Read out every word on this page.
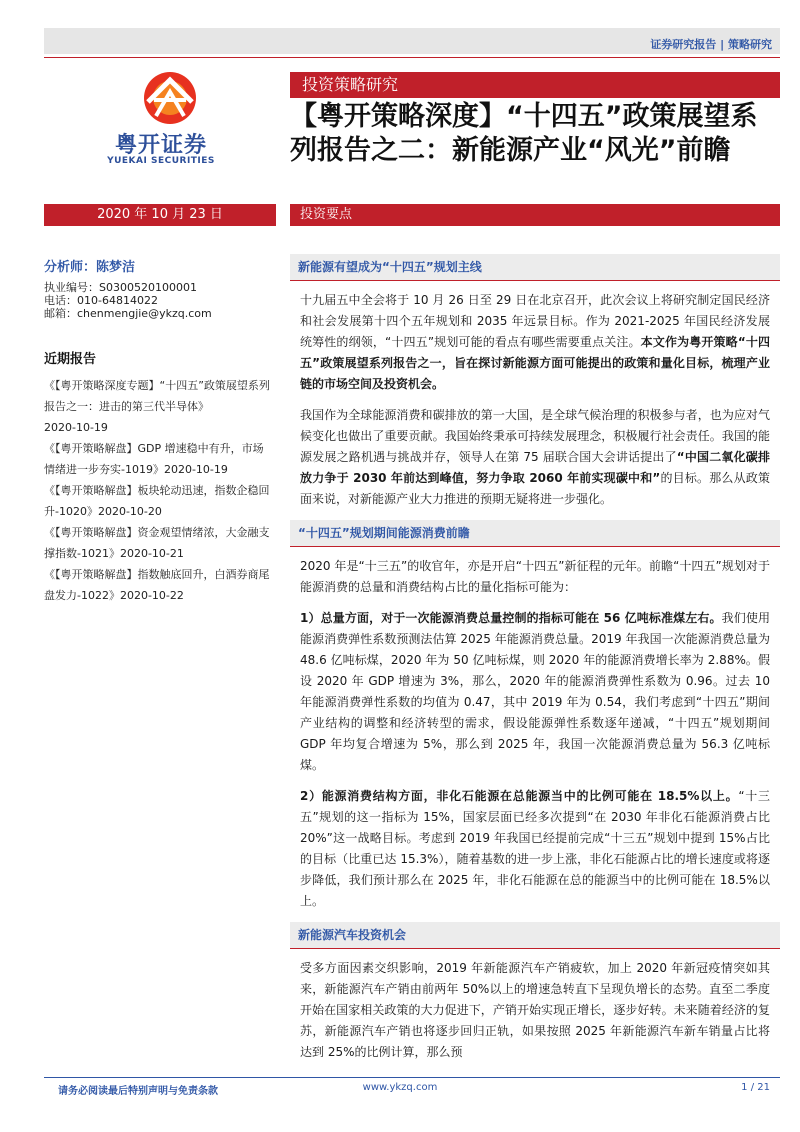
证券研究报告 | 策略研究
粤开证券
YUEKAI SECURITIES
投资策略研究
【粤开策略深度】“十四五”政策展望系列报告之二：新能源产业“风光”前瞻
2020 年 10 月 23 日	投资要点
分析师：陈梦洁
执业编号：S0300520100001
电话：010-64814022
邮箱：chenmengjie@ykzq.com
近期报告
《【粤开策略深度专题】“十四五”政策展望系列报告之一：进击的第三代半导体》
2020-10-19
《【粤开策略解盘】GDP 增速稳中有升，市场情绪进一步夯实-1019》2020-10-19
《【粤开策略解盘】板块轮动迅速，指数企稳回升-1020》2020-10-20
《【粤开策略解盘】资金观望情绪浓，大金融支撑指数-1021》2020-10-21
《【粤开策略解盘】指数触底回升，白酒券商尾盘发力-1022》2020-10-22
新能源有望成为“十四五”规划主线
十九届五中全会将于 10 月 26 日至 29 日在北京召开，此次会议上将研究制定国民经济和社会发展第十四个五年规划和 2035 年远景目标。作为 2021-2025 年国民经济发展统筹性的纲领，“十四五”规划可能的看点有哪些需要重点关注。本文作为粤开策略“十四五”政策展望系列报告之一，旨在探讨新能源方面可能提出的政策和量化目标，梳理产业链的市场空间及投资机会。
我国作为全球能源消费和碳排放的第一大国，是全球气候治理的积极参与者，也为应对气候变化也做出了重要贡献。我国始终秉承可持续发展理念，积极履行社会责任。我国的能源发展之路机遇与挑战并存，领导人在第 75 届联合国大会讲话提出了“中国二氧化碳排放力争于 2030 年前达到峰值，努力争取 2060 年前实现碳中和”的目标。那么从政策面来说，对新能源产业大力推进的预期无疑将进一步强化。
“十四五”规划期间能源消费前瞻
2020 年是“十三五”的收官年，亦是开启“十四五”新征程的元年。前瞻“十四五”规划对于能源消费的总量和消费结构占比的量化指标可能为：
1）总量方面，对于一次能源消费总量控制的指标可能在 56 亿吨标准煤左右。我们使用能源消费弹性系数预测法估算 2025 年能源消费总量。2019 年我国一次能源消费总量为 48.6 亿吨标煤，2020 年为 50 亿吨标煤，则 2020 年的能源消费增长率为 2.88%。假设 2020 年 GDP 增速为 3%，那么，2020 年的能源消费弹性系数为 0.96。过去 10 年能源消费弹性系数的均值为 0.47，其中 2019 年为 0.54，我们考虑到“十四五”期间产业结构的调整和经济转型的需求，假设能源弹性系数逐年递减，“十四五”规划期间 GDP 年均复合增速为 5%，那么到 2025 年，我国一次能源消费总量为 56.3 亿吨标煤。
2）能源消费结构方面，非化石能源在总能源当中的比例可能在 18.5%以上。“十三五”规划的这一指标为 15%，国家层面已经多次提到“在 2030 年非化石能源消费占比 20%”这一战略目标。考虑到 2019 年我国已经提前完成“十三五”规划中提到 15%占比的目标（比重已达 15.3%），随着基数的进一步上涨，非化石能源占比的增长速度或将逐步降低，我们预计那么在 2025 年，非化石能源在总的能源当中的比例可能在 18.5%以上。
新能源汽车投资机会
受多方面因素交织影响，2019 年新能源汽车产销疲软，加上 2020 年新冠疫情突如其来，新能源汽车产销由前两年 50%以上的增速急转直下呈现负增长的态势。直至二季度开始在国家相关政策的大力促进下，产销开始实现正增长，逐步好转。未来随着经济的复苏，新能源汽车产销也将逐步回归正轨，如果按照 2025 年新能源汽车新车销量占比将达到 25%的比例计算，那么预
请务必阅读最后特别声明与免责条款	www.ykzq.com	1 / 21
